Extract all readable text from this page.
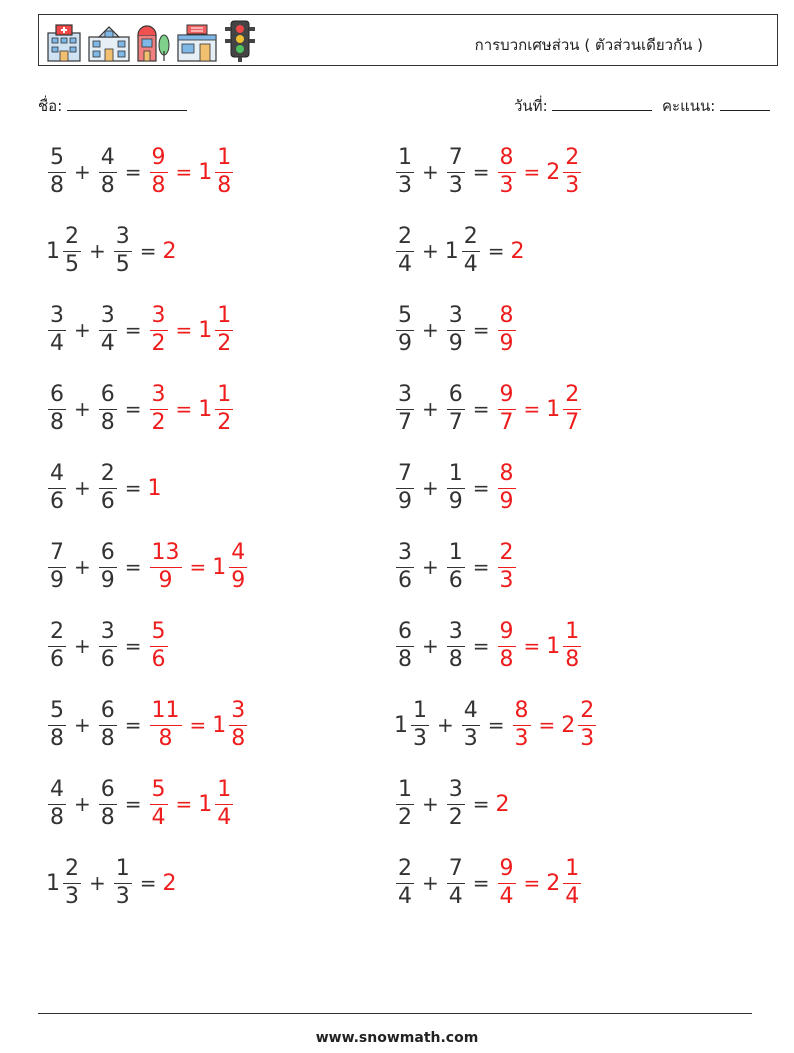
การบวกเศษส่วน ( ตัวส่วนเดียวกัน )
ชื่อ:	วันที่:	คะแนน:
$\frac{5}{8} + \frac{4}{8} = \frac{9}{8} = 1 \frac{1}{8}$	$\frac{1}{3} + \frac{7}{3} = \frac{8}{3} = 2 \frac{2}{3}$
$1 \frac{2}{5} + \frac{3}{5} = 2$	$\frac{2}{4} + 1 \frac{2}{4} = 2$
$\frac{3}{4} + \frac{3}{4} = \frac{3}{2} = 1 \frac{1}{2}$	$\frac{5}{9} + \frac{3}{9} = \frac{8}{9}$
$\frac{6}{8} + \frac{6}{8} = \frac{3}{2} = 1 \frac{1}{2}$	$\frac{3}{7} + \frac{6}{7} = \frac{9}{7} = 1 \frac{2}{7}$
$\frac{4}{6} + \frac{2}{6} = 1$	$\frac{7}{9} + \frac{1}{9} = \frac{8}{9}$
$\frac{7}{9} + \frac{6}{9} = \frac{13}{9} = 1 \frac{4}{9}$	$\frac{3}{6} + \frac{1}{6} = \frac{2}{3}$
$\frac{2}{6} + \frac{3}{6} = \frac{5}{6}$	$\frac{6}{8} + \frac{3}{8} = \frac{9}{8} = 1 \frac{1}{8}$
$\frac{5}{8} + \frac{6}{8} = \frac{11}{8} = 1 \frac{3}{8}$	$1 \frac{1}{3} + \frac{4}{3} = \frac{8}{3} = 2 \frac{2}{3}$
$\frac{4}{8} + \frac{6}{8} = \frac{5}{4} = 1 \frac{1}{4}$	$\frac{1}{2} + \frac{3}{2} = 2$
$1 \frac{2}{3} + \frac{1}{3} = 2$	$\frac{2}{4} + \frac{7}{4} = \frac{9}{4} = 2 \frac{1}{4}$
www.snowmath.com
